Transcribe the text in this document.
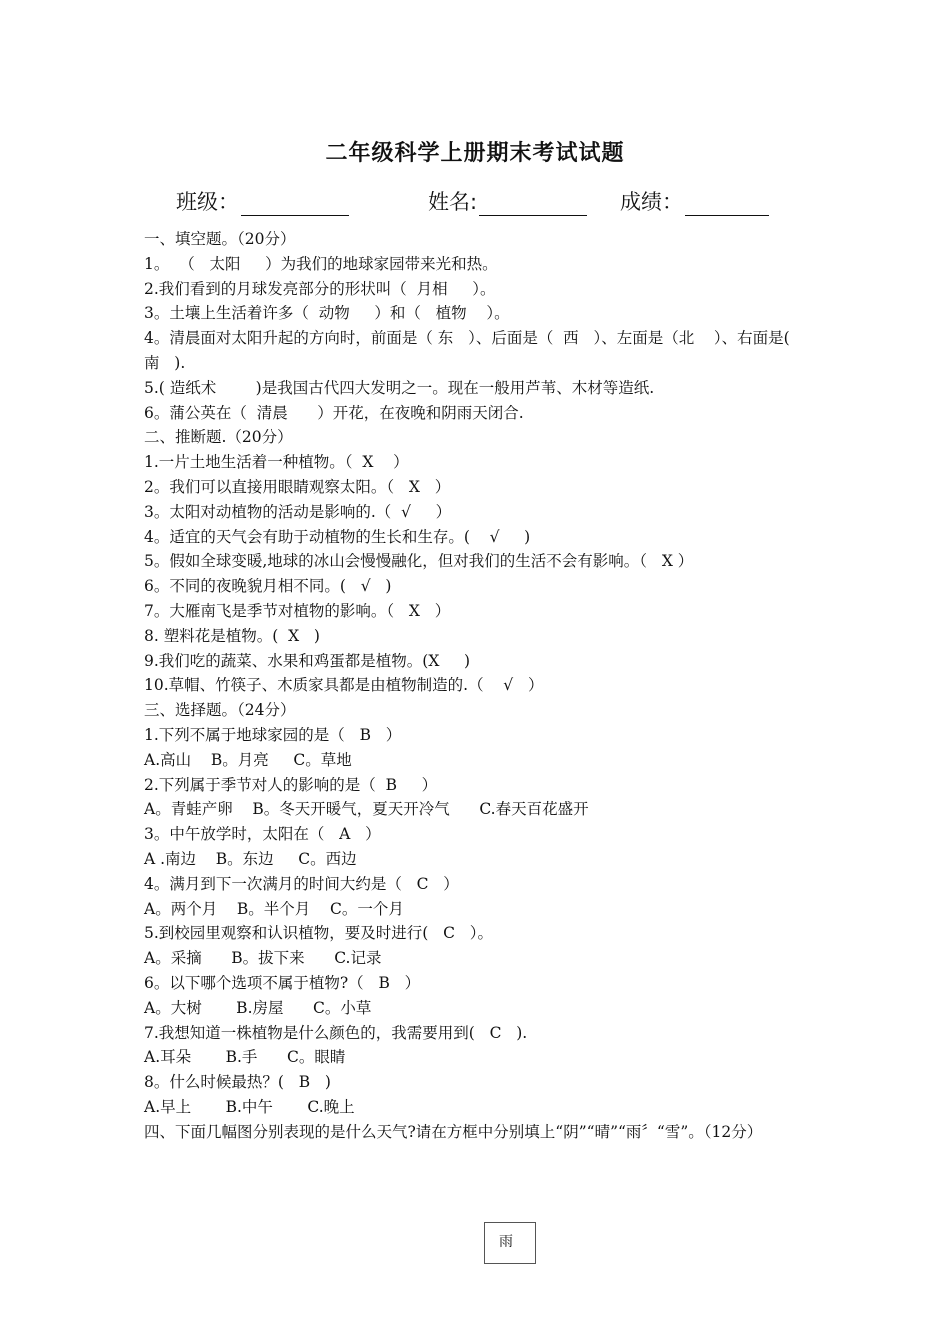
二年级科学上册期末考试试题
班级：	姓名:	成绩：
一、填空题。（20分）
1。  （   太阳     ）为我们的地球家园带来光和热。
2.我们看到的月球发亮部分的形状叫（  月相     ）。
3。土壤上生活着许多（  动物     ）和（   植物    ）。
4。清晨面对太阳升起的方向时，前面是（ 东   ）、后面是（  西   ）、左面是（北    ）、右面是(   南   ).
5.( 造纸术        )是我国古代四大发明之一。现在一般用芦苇、木材等造纸.
6。蒲公英在（  清晨      ）开花，在夜晚和阴雨天闭合.
二、推断题.（20分）
1.一片土地生活着一种植物。（  X    ）
2。我们可以直接用眼睛观察太阳。（   X   ）
3。太阳对动植物的活动是影响的.（  √     ）
4。适宜的天气会有助于动植物的生长和生存。(    √     )
5。假如全球变暖,地球的冰山会慢慢融化，但对我们的生活不会有影响。（   X ）
6。不同的夜晚貌月相不同。(   √   )
7。大雁南飞是季节对植物的影响。（   X   ）
8. 塑料花是植物。(  X   )
9.我们吃的蔬菜、水果和鸡蛋都是植物。(X     )
10.草帽、竹筷子、木质家具都是由植物制造的.（    √   ）
三、选择题。（24分）
1.下列不属于地球家园的是（   B   ）
A.高山    B。月亮     C。草地
2.下列属于季节对人的影响的是（  B     ）
A。青蛙产卵    B。冬天开暖气，夏天开冷气      C.春天百花盛开
3。中午放学时，太阳在（   A   ）
A .南边    B。东边     C。西边
4。满月到下一次满月的时间大约是（   C   ）
A。两个月    B。半个月    C。一个月
5.到校园里观察和认识植物，要及时进行(   C   ）。
A。采摘      B。拔下来      C.记录
6。以下哪个选项不属于植物?（   B   ）
A。大树       B.房屋      C。小草
7.我想知道一株植物是什么颜色的，我需要用到(   C   ).
A.耳朵       B.手      C。眼睛
8。什么时候最热？(   B   )
A.早上       B.中午       C.晚上
四、下面几幅图分别表现的是什么天气?请在方框中分别填上“阴”“晴”“雨〞“雪”。（12分）
雨
